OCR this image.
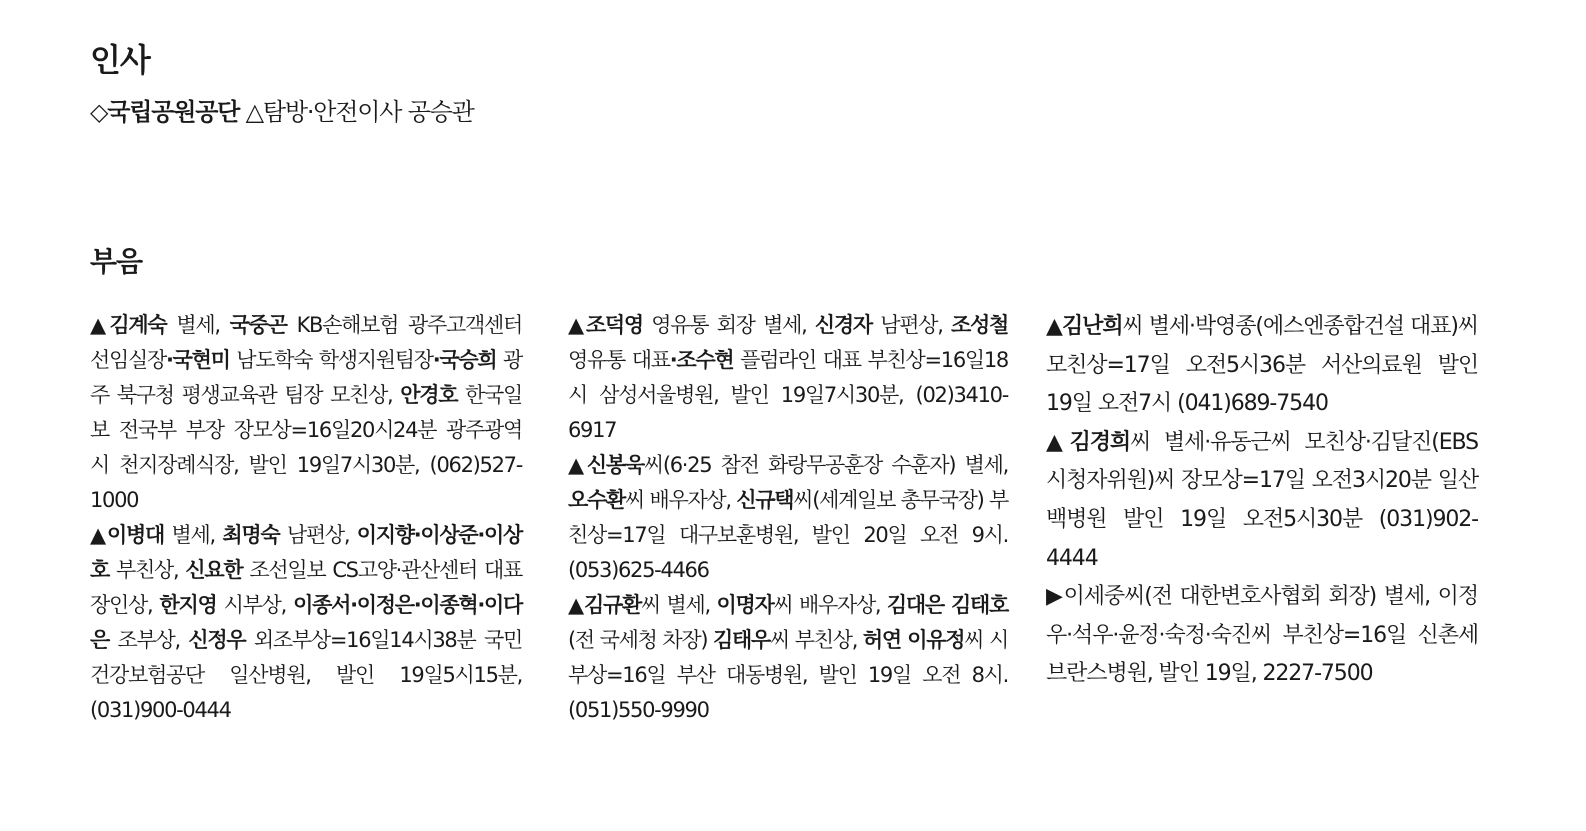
인사
◇국립공원공단 △탐방·안전이사 공승관
부음

▲김계숙 별세, 국중곤 KB손해보험 광주고객센터 선임실장·국현미 남도학숙 학생지원팀장·국승희 광주 북구청 평생교육관 팀장 모친상, 안경호 한국일보 전국부 부장 장모상=16일20시24분 광주광역시 천지장례식장, 발인 19일7시30분, (062)527-1000

▲이병대 별세, 최명숙 남편상, 이지향·이상준·이상호 부친상, 신요한 조선일보 CS고양·관산센터 대표 장인상, 한지영 시부상, 이종서·이정은·이종혁·이다은 조부상, 신정우 외조부상=16일14시38분 국민건강보험공단 일산병원, 발인 19일5시15분, (031)900-0444

▲조덕영 영유통 회장 별세, 신경자 남편상, 조성철 영유통 대표·조수현 플럼라인 대표 부친상=16일18시 삼성서울병원, 발인 19일7시30분, (02)3410-6917

▲신봉욱씨(6·25 참전 화랑무공훈장 수훈자) 별세, 오수환씨 배우자상, 신규택씨(세계일보 총무국장) 부친상=17일 대구보훈병원, 발인 20일 오전 9시. (053)625-4466

▲김규환씨 별세, 이명자씨 배우자상, 김대은 김태호(전 국세청 차장) 김태우씨 부친상, 허연 이유정씨 시부상=16일 부산 대동병원, 발인 19일 오전 8시. (051)550-9990

▲김난희씨 별세·박영종(에스엔종합건설 대표)씨 모친상=17일 오전5시36분 서산의료원 발인 19일 오전7시 (041)689-7540

▲김경희씨 별세·유동근씨 모친상·김달진(EBS 시청자위원)씨 장모상=17일 오전3시20분 일산백병원 발인 19일 오전5시30분 (031)902-4444

▶이세중씨(전 대한변호사협회 회장) 별세, 이정우·석우·윤정·숙정·숙진씨 부친상=16일 신촌세브란스병원, 발인 19일, 2227-7500
